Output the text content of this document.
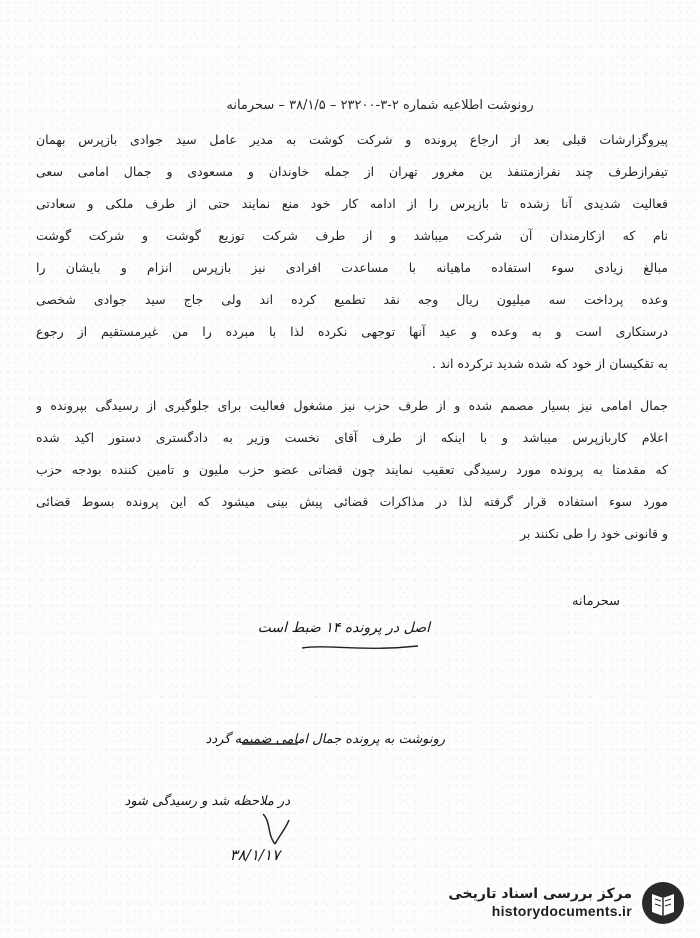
رونوشت اطلاعیه شماره ۲-۳-۲۳۲۰۰ – ۳۸/۱/۵ – سحرمانه
پیروگزارشات قبلی بعد از ارجاع پرونده و شرکت کوشت به مدیر عامل سید جوادی بازپرس بهمان
تیفرازطرف چند نفرازمتنفذ ین مغرور تهران از جمله خاوندان و مسعودی و جمال امامی سعی
فعالیت شدیدی آنا زشده تا بازپرس را از ادامه کار خود منع نمایند حتی از طرف ملکی و سعادتی
نام که ازکارمندان آن شرکت میباشد و از طرف شرکت توزیع گوشت و شرکت گوشت
مبالغ زیادی سوء استفاده ماهیانه با مساعدت افرادی نیز بازپرس انزام و بایشان را
وعده پرداخت سه میلیون ریال وجه نقد تطمیع کرده اند ولی جاج سید جوادی شخصی
درستکاری است و به وعده و عید آنها توجهی نکرده لذا با مبرده را من غیرمستقیم از رجوع
به تقکیسان از خود که شده شدید ترکرده اند .
جمال امامی نیز بسیار مصمم شده و از طرف حزب نیز مشغول فعالیت برای جلوگیری از رسیدگی بپرونده و
اعلام کاربازپرس میباشد و با اینکه از طرف آقای نخست وزیر به دادگستری دستور اکید شده
که مقدمتا به پرونده مورد رسیدگی تعقیب نمایند چون قضاتی عضو حزب ملیون و تامین کننده بودجه حزب
مورد سوء استفاده قرار گرفته لذا در مذاکرات قضائی پیش بینی میشود که این پرونده بسوط قضائی
و قانونی خود را طی نکنند بر
سحرمانه
اصل در پرونده ۱۴ ضبط است
رونوشت به پرونده جمال امامی ضمیمه گردد
در ملاحظه شد و رسیدگی شود
۳۸/۱/۱۷
مرکز بررسی اسناد تاریخی
historydocuments.ir
